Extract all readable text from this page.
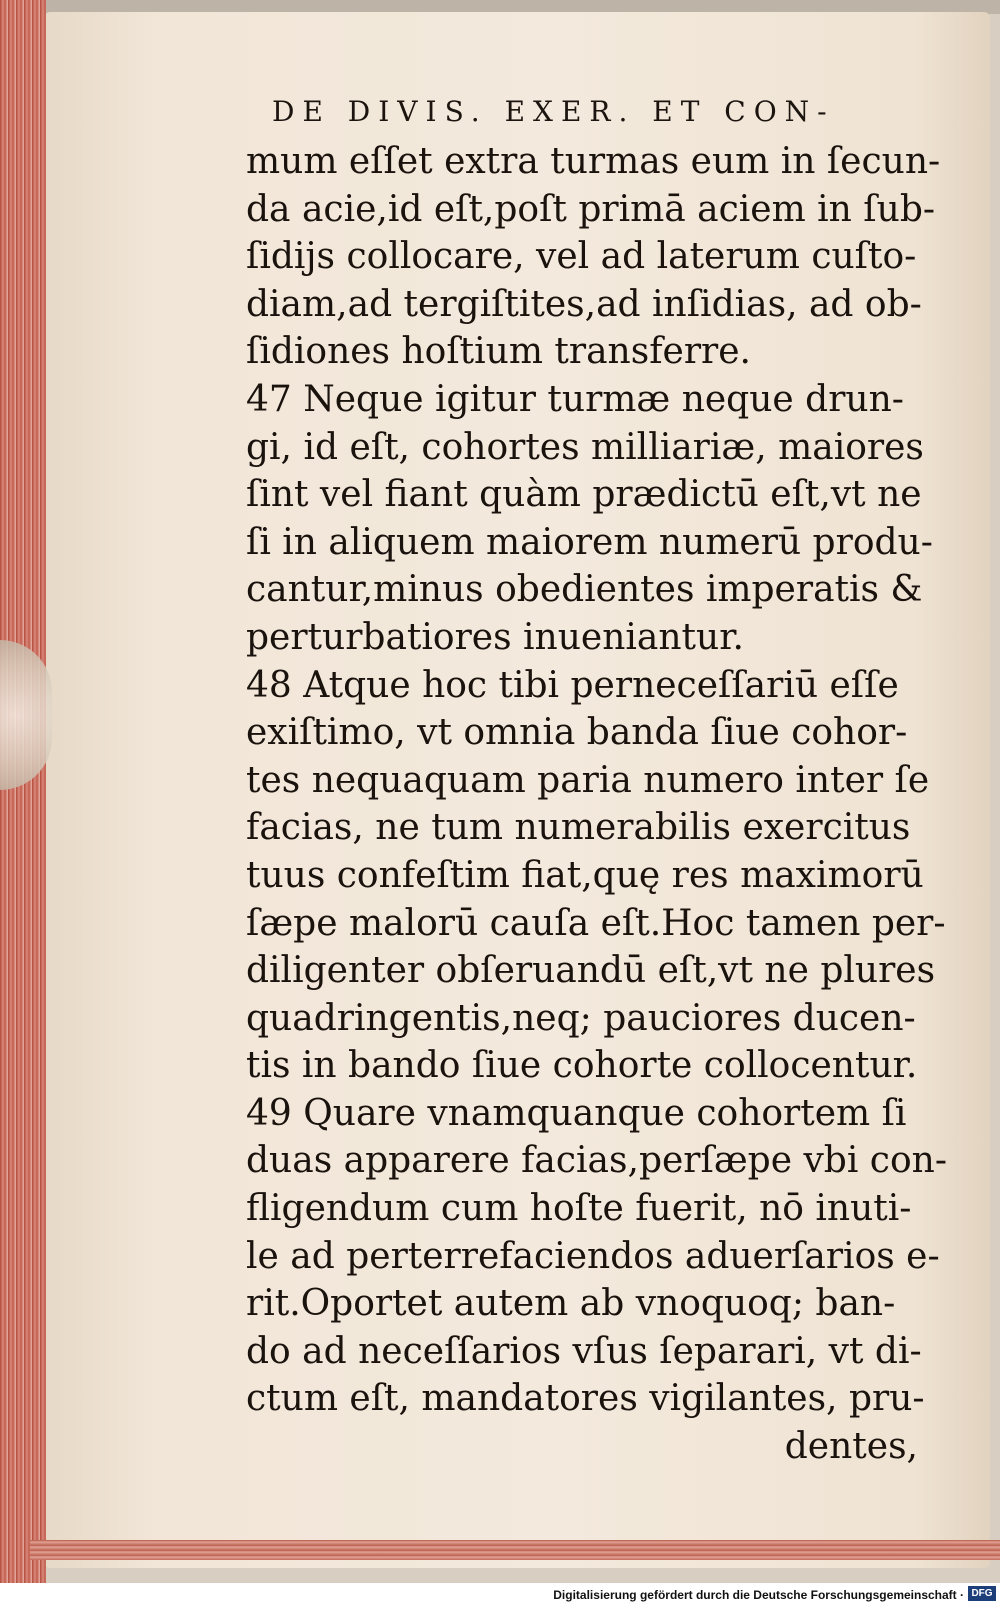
DE DIVIS. EXER. ET CON-
mum eſſet extra turmas eum in ſecun-
da acie,id eſt,poſt primā aciem in ſub-
ſidijs collocare, vel ad laterum cuſto-
diam,ad tergiſtites,ad inſidias, ad ob-
ſidiones hoſtium transferre.
47 Neque igitur turmæ neque drun-
gi, id eſt, cohortes milliariæ, maiores
ſint vel fiant quàm prædictū eſt,vt ne
ſi in aliquem maiorem numerū produ-
cantur,minus obedientes imperatis &
perturbatiores inueniantur.
48 Atque hoc tibi perneceſſariū eſſe
exiſtimo, vt omnia banda ſiue cohor-
tes nequaquam paria numero inter ſe
facias, ne tum numerabilis exercitus
tuus confeſtim fiat,quę res maximorū
ſæpe malorū cauſa eſt.Hoc tamen per-
diligenter obſeruandū eſt,vt ne plures
quadringentis,neq; pauciores ducen-
tis in bando ſiue cohorte collocentur.
49 Quare vnamquanque cohortem ſi
duas apparere facias,perſæpe vbi con-
fligendum cum hoſte fuerit, nō inuti-
le ad perterrefaciendos aduerſarios e-
rit.Oportet autem ab vnoquoq; ban-
do ad neceſſarios vſus ſeparari, vt di-
ctum eſt, mandatores vigilantes, pru-
dentes,
Digitalisierung gefördert durch die Deutsche Forschungsgemeinschaft · DFG
